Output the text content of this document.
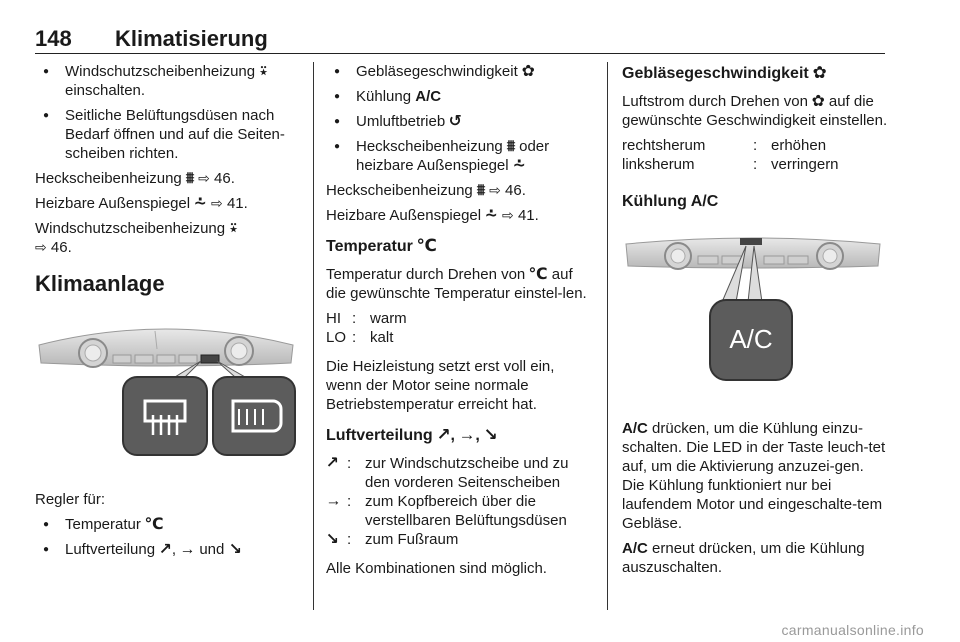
148 Klimatisierung
● Windschutzscheibenheizung ⍣ einschalten.
● Seitliche Belüftungsdüsen nach Bedarf öffnen und auf die Seiten-scheiben richten.
Heckscheibenheizung ⩩ ⇨ 46.
Heizbare Außenspiegel ⩪ ⇨ 41.
Windschutzscheibenheizung ⍣
⇨ 46.
Klimaanlage
Regler für:
● Temperatur ℃
● Luftverteilung ↗, → und ↘
● Gebläsegeschwindigkeit ✿
● Kühlung A/C
● Umluftbetrieb ↺
● Heckscheibenheizung ⩩ oder heizbare Außenspiegel ⩪
Heckscheibenheizung ⩩ ⇨ 46.
Heizbare Außenspiegel ⩪ ⇨ 41.
Temperatur ℃
Temperatur durch Drehen von ℃ auf die gewünschte Temperatur einstel-len.
HI : warm
LO : kalt
Die Heizleistung setzt erst voll ein, wenn der Motor seine normale Betriebstemperatur erreicht hat.
Luftverteilung ↗, →, ↘
↗ : zur Windschutzscheibe und zu den vorderen Seitenscheiben
→ : zum Kopfbereich über die verstellbaren Belüftungsdüsen
↘ : zum Fußraum
Alle Kombinationen sind möglich.
Gebläsegeschwindigkeit ✿
Luftstrom durch Drehen von ✿ auf die gewünschte Geschwindigkeit einstellen.
rechtsherum	: erhöhen
linksherum	: verringern
Kühlung A/C
A/C
A/C drücken, um die Kühlung einzu-schalten. Die LED in der Taste leuch-tet auf, um die Aktivierung anzuzei-gen. Die Kühlung funktioniert nur bei laufendem Motor und eingeschalte-tem Gebläse.
A/C erneut drücken, um die Kühlung auszuschalten.
carmanualsonline.info
